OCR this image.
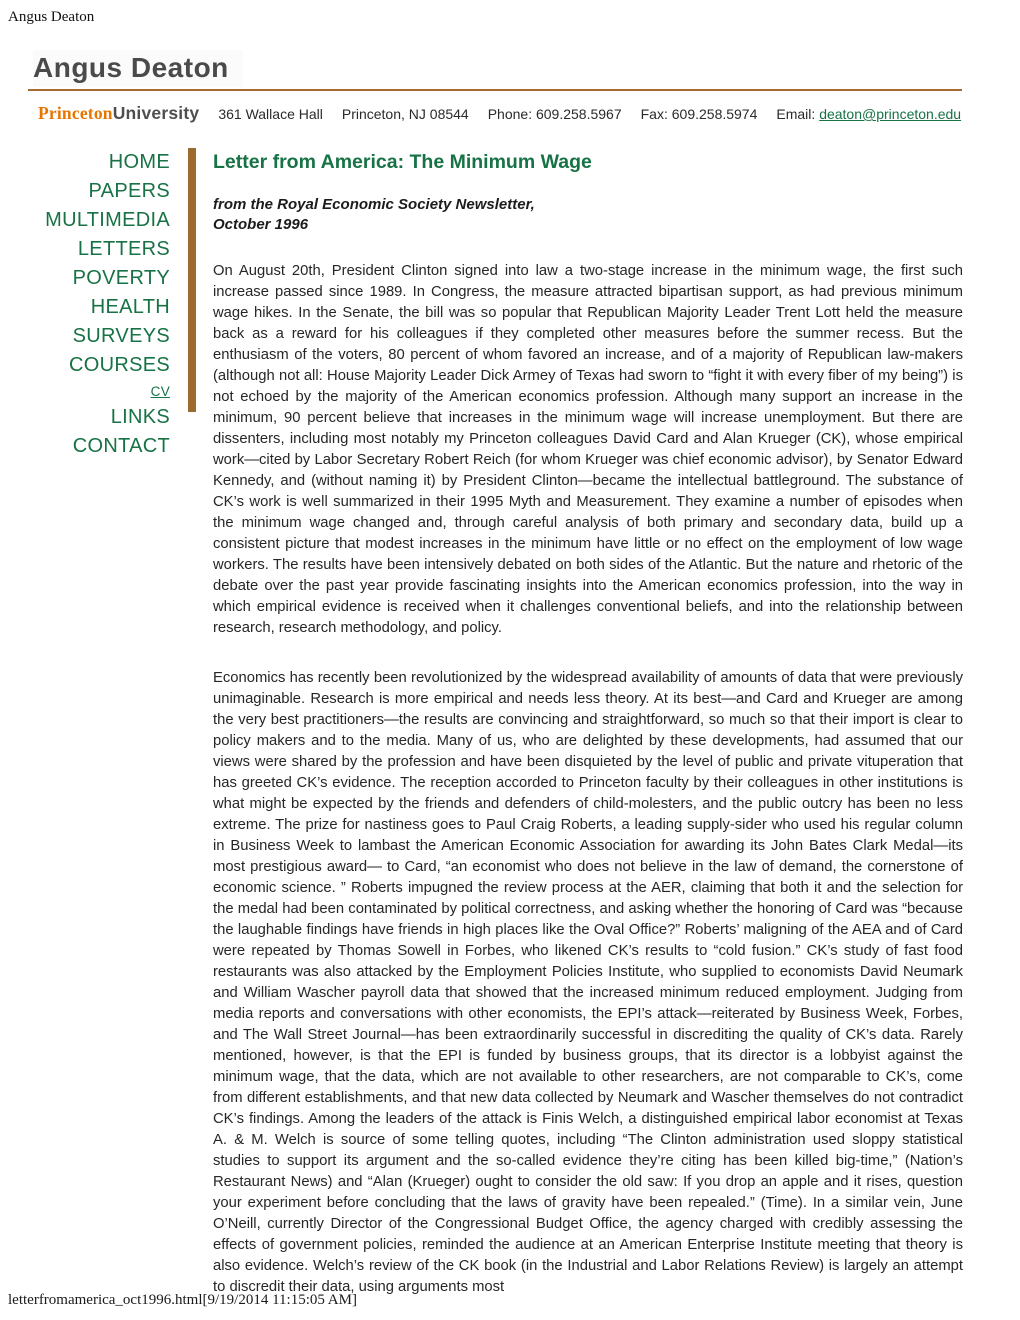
Angus Deaton
Angus Deaton
PrincetonUniversity 361 Wallace Hall Princeton, NJ 08544 Phone: 609.258.5967 Fax: 609.258.5974 Email: deaton@princeton.edu
HOME
PAPERS
MULTIMEDIA
LETTERS
POVERTY
HEALTH
SURVEYS
COURSES
CV
LINKS
CONTACT
Letter from America: The Minimum Wage
from the Royal Economic Society Newsletter,
October 1996

On August 20th, President Clinton signed into law a two-stage increase in the minimum wage, the first such increase passed since 1989. In Congress, the measure attracted bipartisan support, as had previous minimum wage hikes. In the Senate, the bill was so popular that Republican Majority Leader Trent Lott held the measure back as a reward for his colleagues if they completed other measures before the summer recess. But the enthusiasm of the voters, 80 percent of whom favored an increase, and of a majority of Republican law-makers (although not all: House Majority Leader Dick Armey of Texas had sworn to “fight it with every fiber of my being”) is not echoed by the majority of the American economics profession. Although many support an increase in the minimum, 90 percent believe that increases in the minimum wage will increase unemployment. But there are dissenters, including most notably my Princeton colleagues David Card and Alan Krueger (CK), whose empirical work—cited by Labor Secretary Robert Reich (for whom Krueger was chief economic advisor), by Senator Edward Kennedy, and (without naming it) by President Clinton—became the intellectual battleground. The substance of CK’s work is well summarized in their 1995 Myth and Measurement. They examine a number of episodes when the minimum wage changed and, through careful analysis of both primary and secondary data, build up a consistent picture that modest increases in the minimum have little or no effect on the employment of low wage workers. The results have been intensively debated on both sides of the Atlantic. But the nature and rhetoric of the debate over the past year provide fascinating insights into the American economics profession, into the way in which empirical evidence is received when it challenges conventional beliefs, and into the relationship between research, research methodology, and policy.

Economics has recently been revolutionized by the widespread availability of amounts of data that were previously unimaginable. Research is more empirical and needs less theory. At its best—and Card and Krueger are among the very best practitioners—the results are convincing and straightforward, so much so that their import is clear to policy makers and to the media. Many of us, who are delighted by these developments, had assumed that our views were shared by the profession and have been disquieted by the level of public and private vituperation that has greeted CK’s evidence. The reception accorded to Princeton faculty by their colleagues in other institutions is what might be expected by the friends and defenders of child-molesters, and the public outcry has been no less extreme. The prize for nastiness goes to Paul Craig Roberts, a leading supply-sider who used his regular column in Business Week to lambast the American Economic Association for awarding its John Bates Clark Medal—its most prestigious award— to Card, “an economist who does not believe in the law of demand, the cornerstone of economic science. ” Roberts impugned the review process at the AER, claiming that both it and the selection for the medal had been contaminated by political correctness, and asking whether the honoring of Card was “because the laughable findings have friends in high places like the Oval Office?” Roberts’ maligning of the AEA and of Card were repeated by Thomas Sowell in Forbes, who likened CK’s results to “cold fusion.” CK’s study of fast food restaurants was also attacked by the Employment Policies Institute, who supplied to economists David Neumark and William Wascher payroll data that showed that the increased minimum reduced employment. Judging from media reports and conversations with other economists, the EPI’s attack—reiterated by Business Week, Forbes, and The Wall Street Journal—has been extraordinarily successful in discrediting the quality of CK’s data. Rarely mentioned, however, is that the EPI is funded by business groups, that its director is a lobbyist against the minimum wage, that the data, which are not available to other researchers, are not comparable to CK’s, come from different establishments, and that new data collected by Neumark and Wascher themselves do not contradict CK’s findings. Among the leaders of the attack is Finis Welch, a distinguished empirical labor economist at Texas A. & M. Welch is source of some telling quotes, including “The Clinton administration used sloppy statistical studies to support its argument and the so-called evidence they’re citing has been killed big-time,” (Nation’s Restaurant News) and “Alan (Krueger) ought to consider the old saw: If you drop an apple and it rises, question your experiment before concluding that the laws of gravity have been repealed.” (Time). In a similar vein, June O’Neill, currently Director of the Congressional Budget Office, the agency charged with credibly assessing the effects of government policies, reminded the audience at an American Enterprise Institute meeting that theory is also evidence. Welch’s review of the CK book (in the Industrial and Labor Relations Review) is largely an attempt to discredit their data, using arguments most

letterfromamerica_oct1996.html[9/19/2014 11:15:05 AM]
